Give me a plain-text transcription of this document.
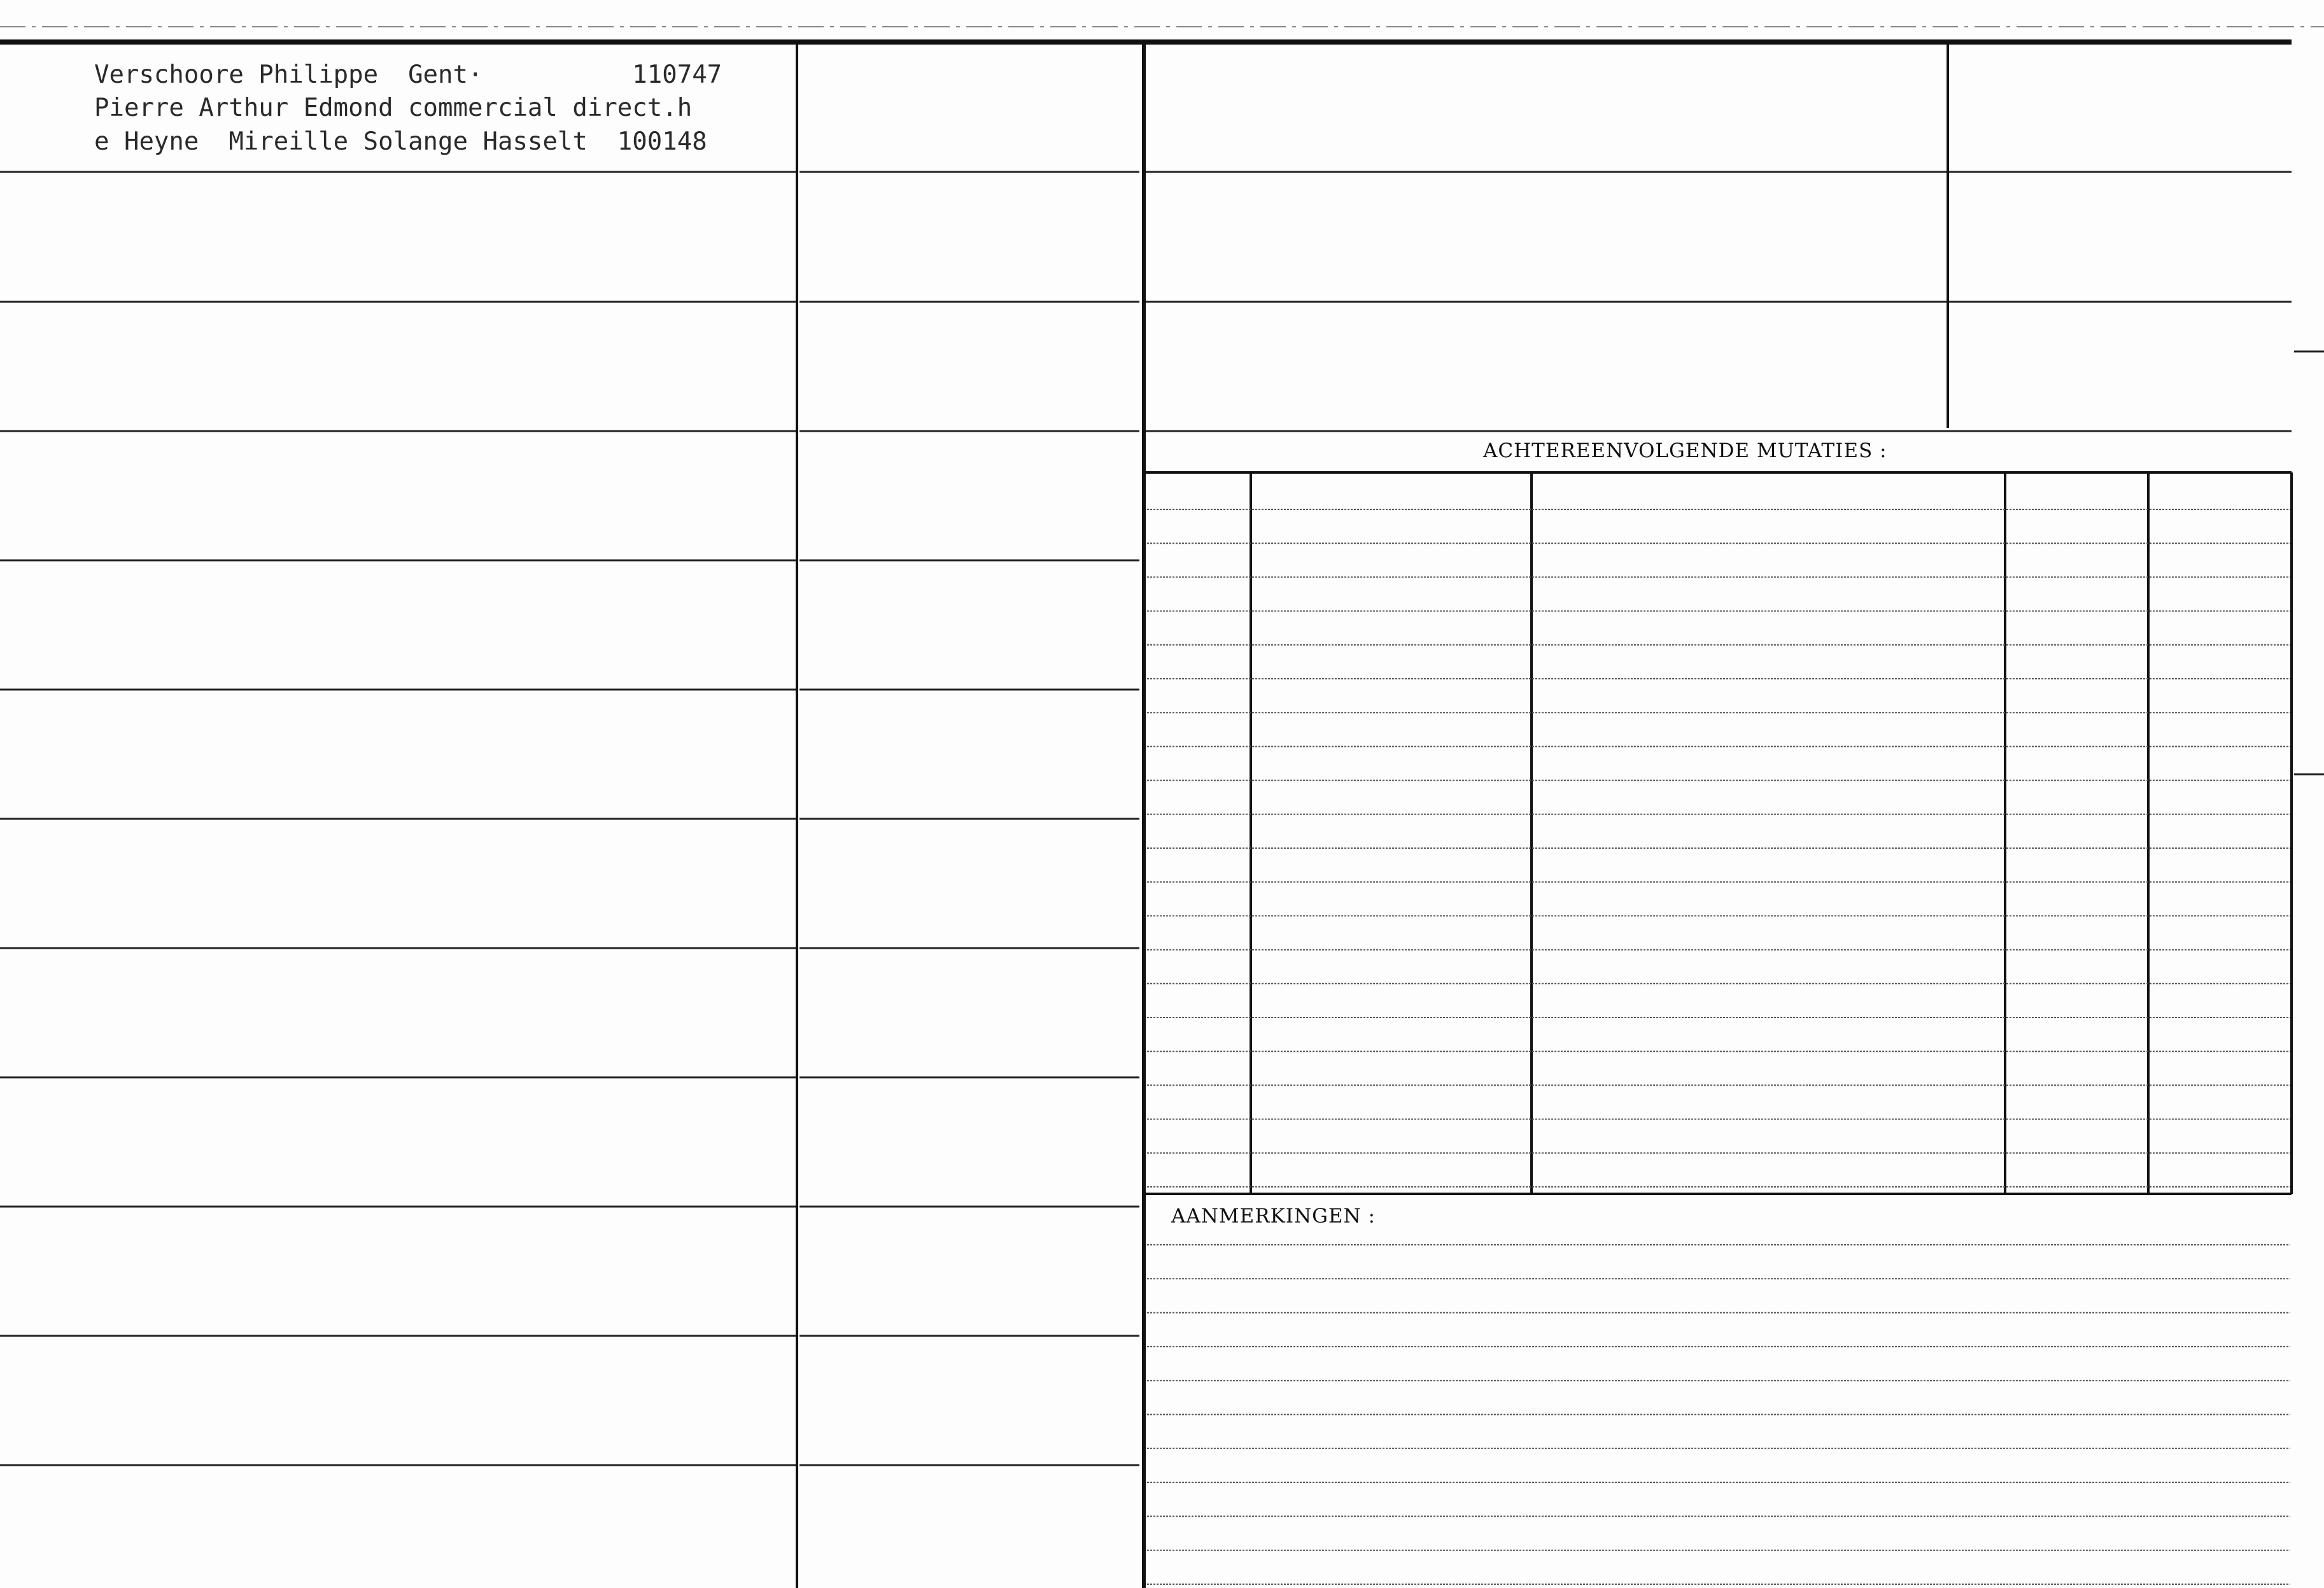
Verschoore Philippe  Gent·          110747
Pierre Arthur Edmond commercial direct.h
e Heyne  Mireille Solange Hasselt  100148
ACHTEREENVOLGENDE MUTATIES :
AANMERKINGEN :
